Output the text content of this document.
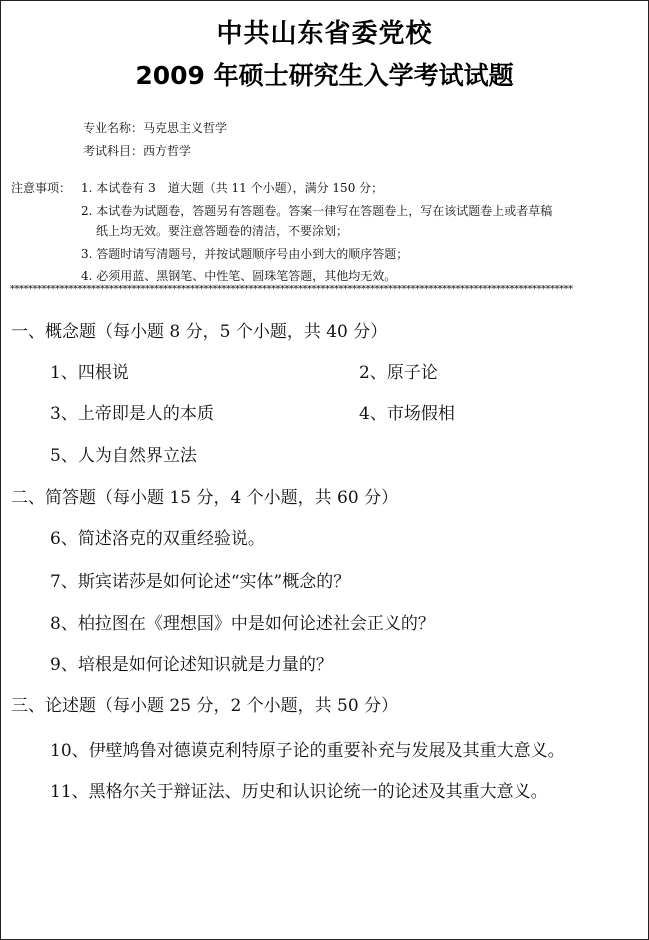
中共山东省委党校
2009 年硕士研究生入学考试试题
专业名称：马克思主义哲学
考试科目：西方哲学
注意事项： 1. 本试卷有 3　道大题（共 11 个小题），满分 150 分；
2. 本试卷为试题卷，答题另有答题卷。答案一律写在答题卷上，写在该试题卷上或者草稿
纸上均无效。要注意答题卷的清洁，不要涂划；
3. 答题时请写清题号，并按试题顺序号由小到大的顺序答题；
4. 必须用蓝、黑钢笔、中性笔、圆珠笔答题，其他均无效。
*****************************************************************************************************************************
一、概念题（每小题 8 分，5 个小题，共 40 分）
1、四根说	2、原子论
3、上帝即是人的本质	4、市场假相
5、人为自然界立法
二、简答题（每小题 15 分，4 个小题，共 60 分）
6、简述洛克的双重经验说。
7、斯宾诺莎是如何论述“实体”概念的？
8、柏拉图在《理想国》中是如何论述社会正义的？
9、培根是如何论述知识就是力量的？
三、论述题（每小题 25 分，2 个小题，共 50 分）
10、伊壁鸠鲁对德谟克利特原子论的重要补充与发展及其重大意义。
11、黑格尔关于辩证法、历史和认识论统一的论述及其重大意义。
